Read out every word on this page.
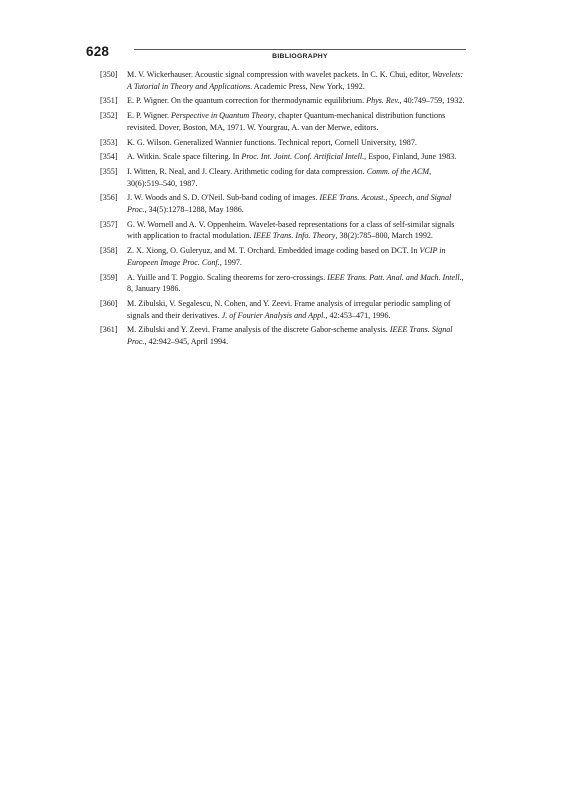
628	BIBLIOGRAPHY
[350] M. V. Wickerhauser. Acoustic signal compression with wavelet packets. In C. K. Chui, editor, Wavelets: A Tutorial in Theory and Applications. Academic Press, New York, 1992.
[351] E. P. Wigner. On the quantum correction for thermodynamic equilibrium. Phys. Rev., 40:749–759, 1932.
[352] E. P. Wigner. Perspective in Quantum Theory, chapter Quantum-mechanical distribution functions revisited. Dover, Boston, MA, 1971. W. Yourgrau, A. van der Merwe, editors.
[353] K. G. Wilson. Generalized Wannier functions. Technical report, Cornell University, 1987.
[354] A. Witkin. Scale space filtering. In Proc. Int. Joint. Conf. Artificial Intell., Espoo, Finland, June 1983.
[355] I. Witten, R. Neal, and J. Cleary. Arithmetic coding for data compression. Comm. of the ACM, 30(6):519–540, 1987.
[356] J. W. Woods and S. D. O'Neil. Sub-band coding of images. IEEE Trans. Acoust., Speech, and Signal Proc., 34(5):1278–1288, May 1986.
[357] G. W. Wornell and A. V. Oppenheim. Wavelet-based representations for a class of self-similar signals with application to fractal modulation. IEEE Trans. Info. Theory, 38(2):785–800, March 1992.
[358] Z. X. Xiong, O. Guleryuz, and M. T. Orchard. Embedded image coding based on DCT. In VCIP in Europeen Image Proc. Conf., 1997.
[359] A. Yuille and T. Poggio. Scaling theorems for zero-crossings. IEEE Trans. Patt. Anal. and Mach. Intell., 8, January 1986.
[360] M. Zibulski, V. Segalescu, N. Cohen, and Y. Zeevi. Frame analysis of irregular periodic sampling of signals and their derivatives. J. of Fourier Analysis and Appl., 42:453–471, 1996.
[361] M. Zibulski and Y. Zeevi. Frame analysis of the discrete Gabor-scheme analysis. IEEE Trans. Signal Proc., 42:942–945, April 1994.
